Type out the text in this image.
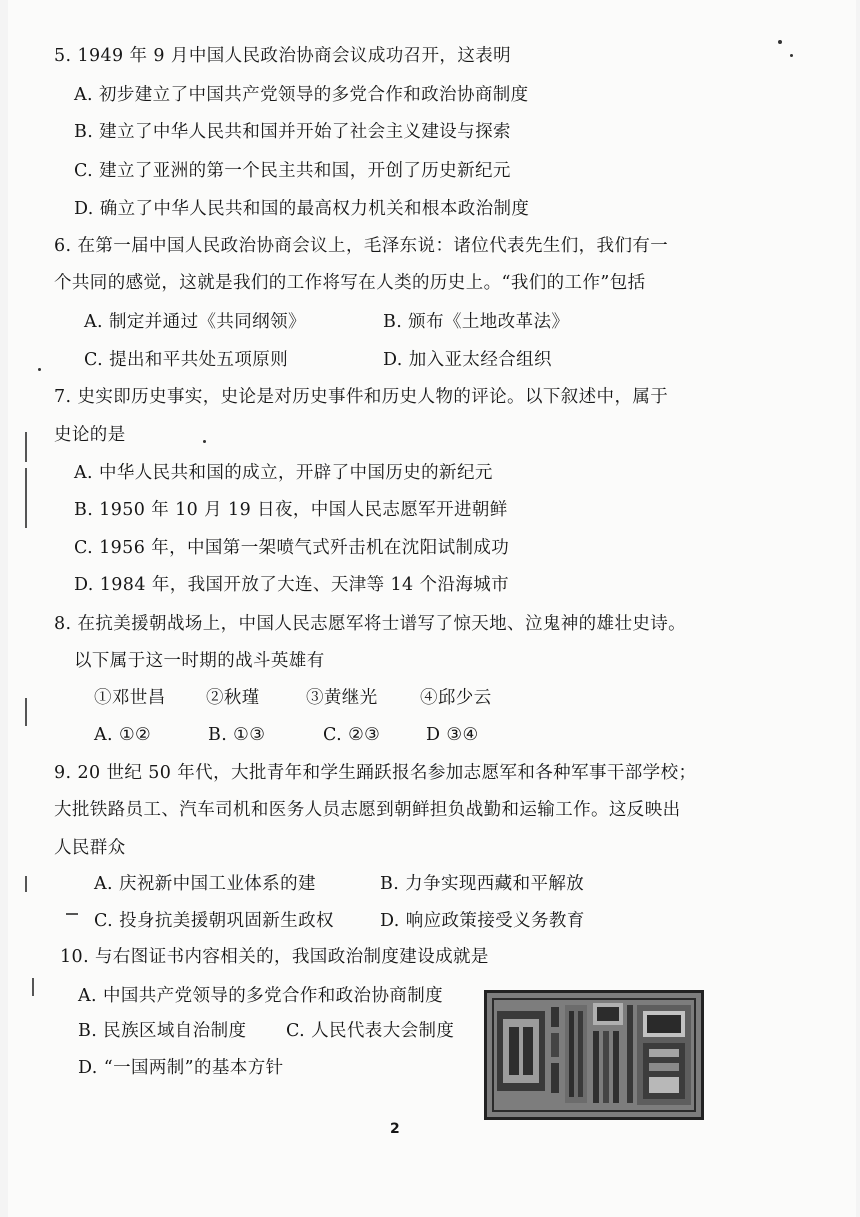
5. 1949 年 9 月中国人民政治协商会议成功召开，这表明
A. 初步建立了中国共产党领导的多党合作和政治协商制度
B. 建立了中华人民共和国并开始了社会主义建设与探索
C. 建立了亚洲的第一个民主共和国，开创了历史新纪元
D. 确立了中华人民共和国的最高权力机关和根本政治制度
6. 在第一届中国人民政治协商会议上，毛泽东说：诸位代表先生们，我们有一
个共同的感觉，这就是我们的工作将写在人类的历史上。“我们的工作”包括
A. 制定并通过《共同纲领》	B. 颁布《土地改革法》
C. 提出和平共处五项原则	D. 加入亚太经合组织
7. 史实即历史事实，史论是对历史事件和历史人物的评论。以下叙述中，属于
史论的是
A. 中华人民共和国的成立，开辟了中国历史的新纪元
B. 1950 年 10 月 19 日夜，中国人民志愿军开进朝鲜
C. 1956 年，中国第一架喷气式歼击机在沈阳试制成功
D. 1984 年，我国开放了大连、天津等 14 个沿海城市
8. 在抗美援朝战场上，中国人民志愿军将士谱写了惊天地、泣鬼神的雄壮史诗。
以下属于这一时期的战斗英雄有
①邓世昌 ②秋瑾	③黄继光 ④邱少云
A. ①②	B. ①③	C. ②③	D ③④
9. 20 世纪 50 年代，大批青年和学生踊跃报名参加志愿军和各种军事干部学校；
大批铁路员工、汽车司机和医务人员志愿到朝鲜担负战勤和运输工作。这反映出
人民群众
A. 庆祝新中国工业体系的建	B. 力争实现西藏和平解放
C. 投身抗美援朝巩固新生政权	D. 响应政策接受义务教育
10. 与右图证书内容相关的，我国政治制度建设成就是
A. 中国共产党领导的多党合作和政治协商制度
B. 民族区域自治制度 C. 人民代表大会制度
D. “一国两制”的基本方针
2
